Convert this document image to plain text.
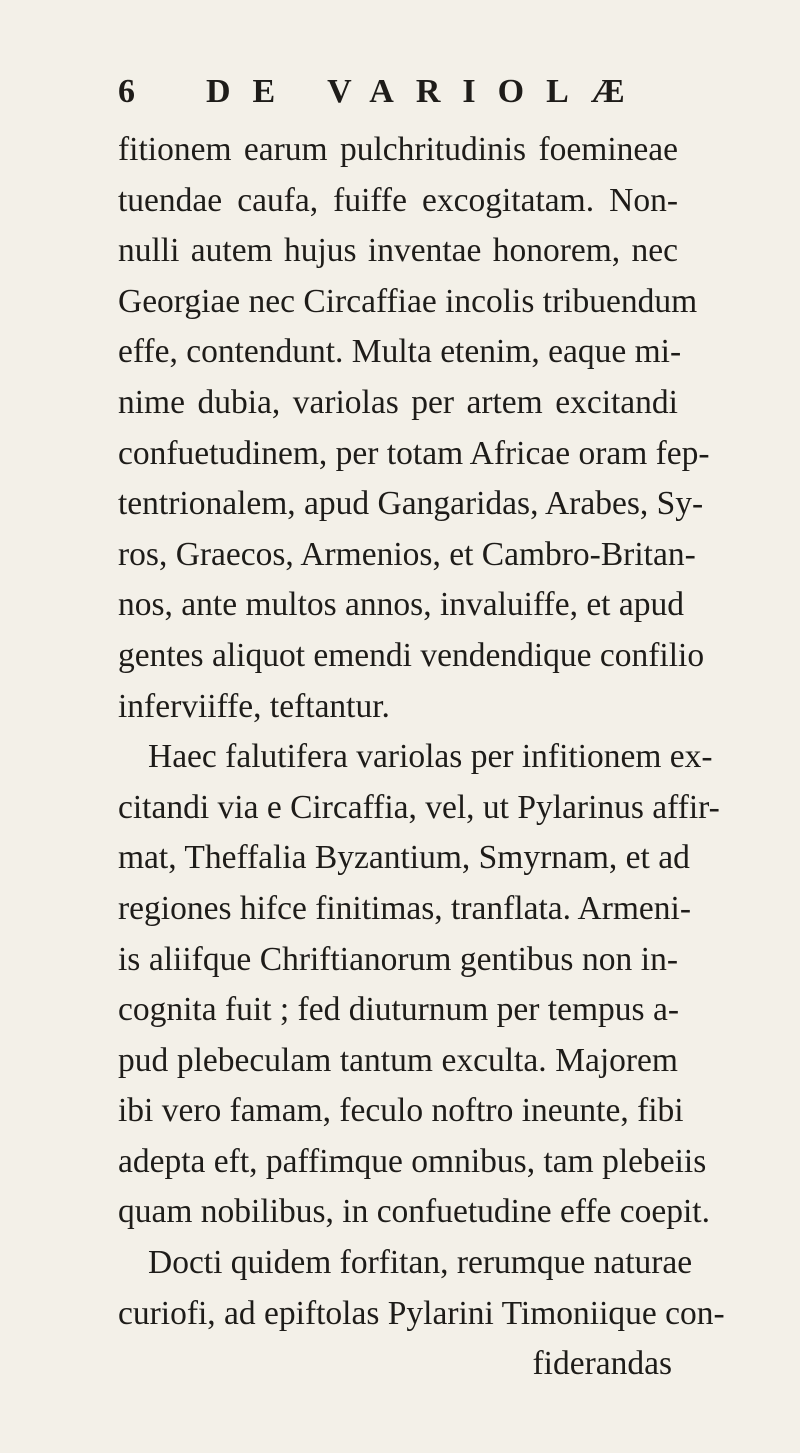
6 DE VARIOLÆ
fitionem earum pulchritudinis foemineae
tuendae caufa, fuiffe excogitatam. Non-
nulli autem hujus inventae honorem, nec
Georgiae nec Circaffiae incolis tribuendum
effe, contendunt. Multa etenim, eaque mi-
nime dubia, variolas per artem excitandi
confuetudinem, per totam Africae oram fep-
tentrionalem, apud Gangaridas, Arabes, Sy-
ros, Graecos, Armenios, et Cambro-Britan-
nos, ante multos annos, invaluiffe, et apud
gentes aliquot emendi vendendique confilio
inferviiffe, teftantur.
Haec falutifera variolas per infitionem ex-
citandi via e Circaffia, vel, ut Pylarinus affir-
mat, Theffalia Byzantium, Smyrnam, et ad
regiones hifce finitimas, tranflata. Armeni-
is aliifque Chriftianorum gentibus non in-
cognita fuit ; fed diuturnum per tempus a-
pud plebeculam tantum exculta. Majorem
ibi vero famam, feculo noftro ineunte, fibi
adepta eft, paffimque omnibus, tam plebeiis
quam nobilibus, in confuetudine effe coepit.
Docti quidem forfitan, rerumque naturae
curiofi, ad epiftolas Pylarini Timoniique con-
fiderandas
